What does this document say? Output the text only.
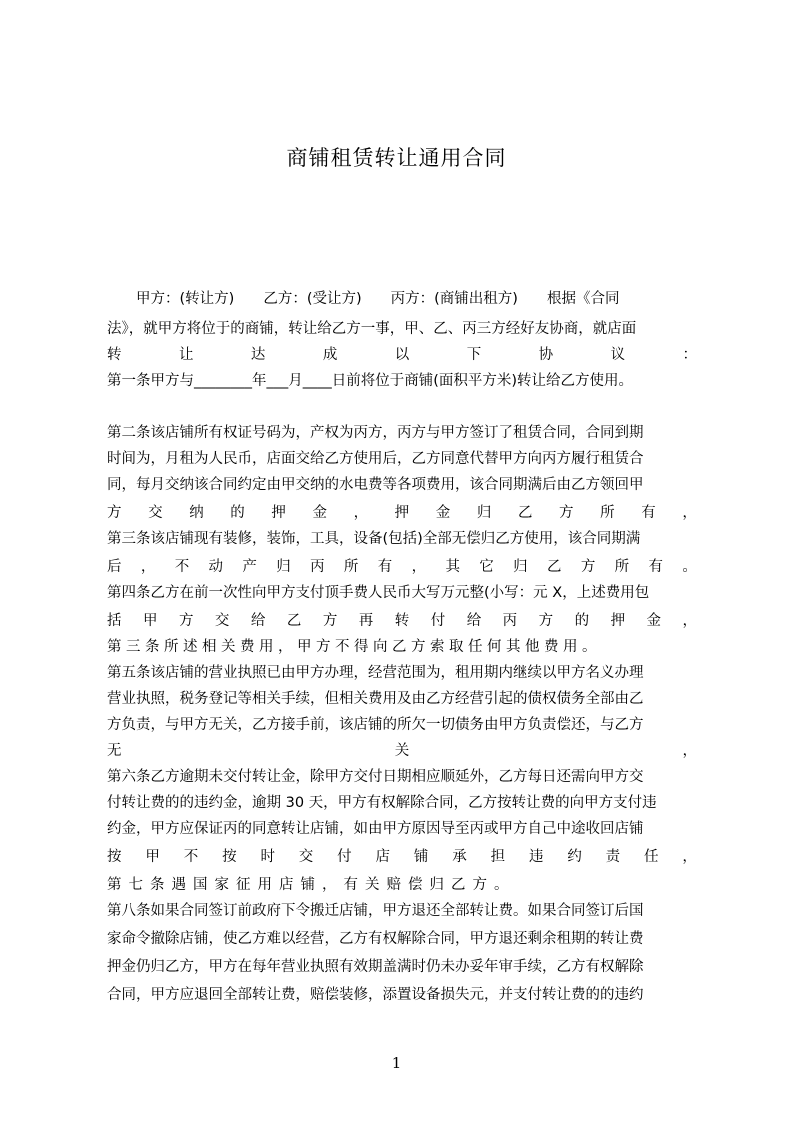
商铺租赁转让通用合同
　　甲方：(转让方)　　乙方：(受让方)　　丙方：(商铺出租方)　　根据《合同
法》，就甲方将位于的商铺，转让给乙方一事，甲、乙、丙三方经好友协商，就店面
转	让	达	成	以	下	协	议	：
第一条甲方与________年___月____日前将位于商铺(面积平方米)转让给乙方使用。
第二条该店铺所有权证号码为，产权为丙方，丙方与甲方签订了租赁合同，合同到期
时间为，月租为人民币，店面交给乙方使用后，乙方同意代替甲方向丙方履行租赁合
同，每月交纳该合同约定由甲交纳的水电费等各项费用，该合同期满后由乙方领回甲
方 交 纳 的 押 金 ， 押 金 归 乙 方 所 有 ，
第三条该店铺现有装修，装饰，工具，设备(包括)全部无偿归乙方使用，该合同期满
后 ， 不 动 产 归 丙 所 有 ， 其 它 归 乙 方 所 有 。
第四条乙方在前一次性向甲方支付顶手费人民币大写万元整(小写：元 X，上述费用包
括 甲 方 交 给 乙 方 再 转 付 给 丙 方 的 押 金 ，
第三条所述相关费用，甲方不得向乙方索取任何其他费用。
第五条该店铺的营业执照已由甲方办理，经营范围为，租用期内继续以甲方名义办理
营业执照，税务登记等相关手续，但相关费用及由乙方经营引起的债权债务全部由乙
方负责，与甲方无关，乙方接手前，该店铺的所欠一切债务由甲方负责偿还，与乙方
无	关	，
第六条乙方逾期未交付转让金，除甲方交付日期相应顺延外，乙方每日还需向甲方交
付转让费的的违约金，逾期 30 天，甲方有权解除合同，乙方按转让费的向甲方支付违
约金，甲方应保证丙的同意转让店铺，如由甲方原因导至丙或甲方自己中途收回店铺
按 甲 不 按 时 交 付 店 铺 承 担 违 约 责 任 ，
第七条遇国家征用店铺，有关赔偿归乙方。
第八条如果合同签订前政府下令搬迁店铺，甲方退还全部转让费。如果合同签订后国
家命令撤除店铺，使乙方难以经营，乙方有权解除合同，甲方退还剩余租期的转让费
押金仍归乙方，甲方在每年营业执照有效期盖满时仍未办妥年审手续，乙方有权解除
合同，甲方应退回全部转让费，赔偿装修，添置设备损失元，并支付转让费的的违约
1
